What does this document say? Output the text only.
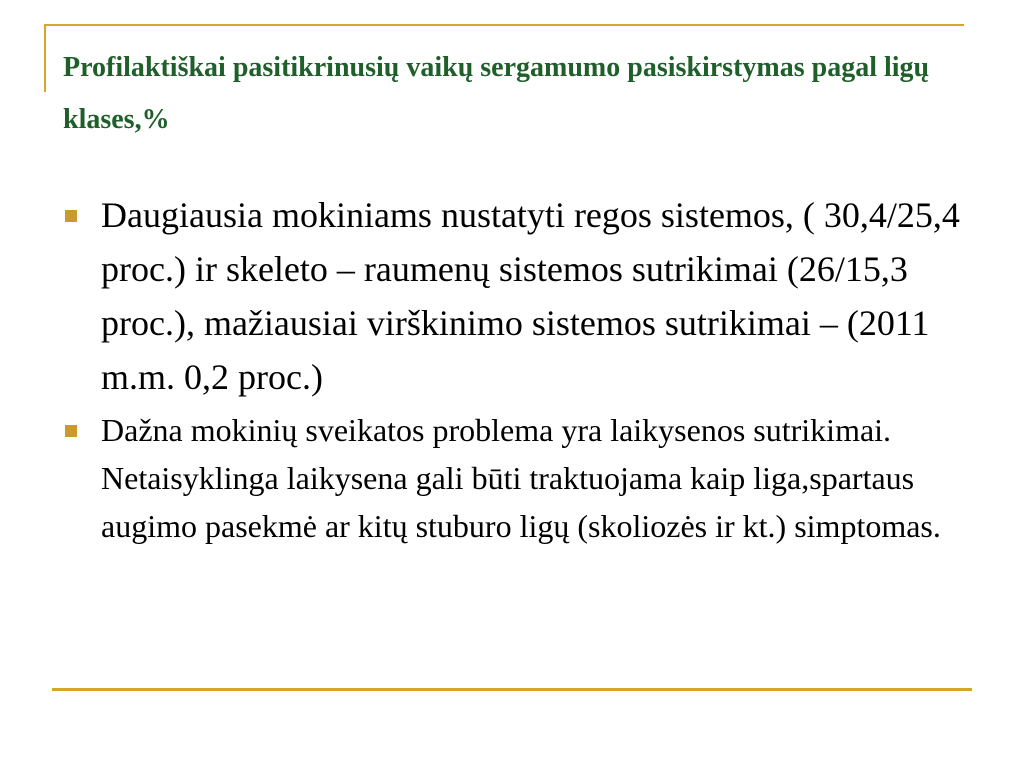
Profilaktiškai pasitikrinusių vaikų sergamumo pasiskirstymas pagal ligų klases,%
Daugiausia mokiniams nustatyti regos sistemos, ( 30,4/25,4 proc.) ir skeleto – raumenų sistemos sutrikimai (26/15,3 proc.), mažiausiai virškinimo sistemos sutrikimai – (2011 m.m. 0,2 proc.)
Dažna mokinių sveikatos problema yra laikysenos sutrikimai. Netaisyklinga laikysena gali būti traktuojama kaip liga,spartaus augimo pasekmė ar kitų stuburo ligų (skoliozės ir kt.) simptomas.
